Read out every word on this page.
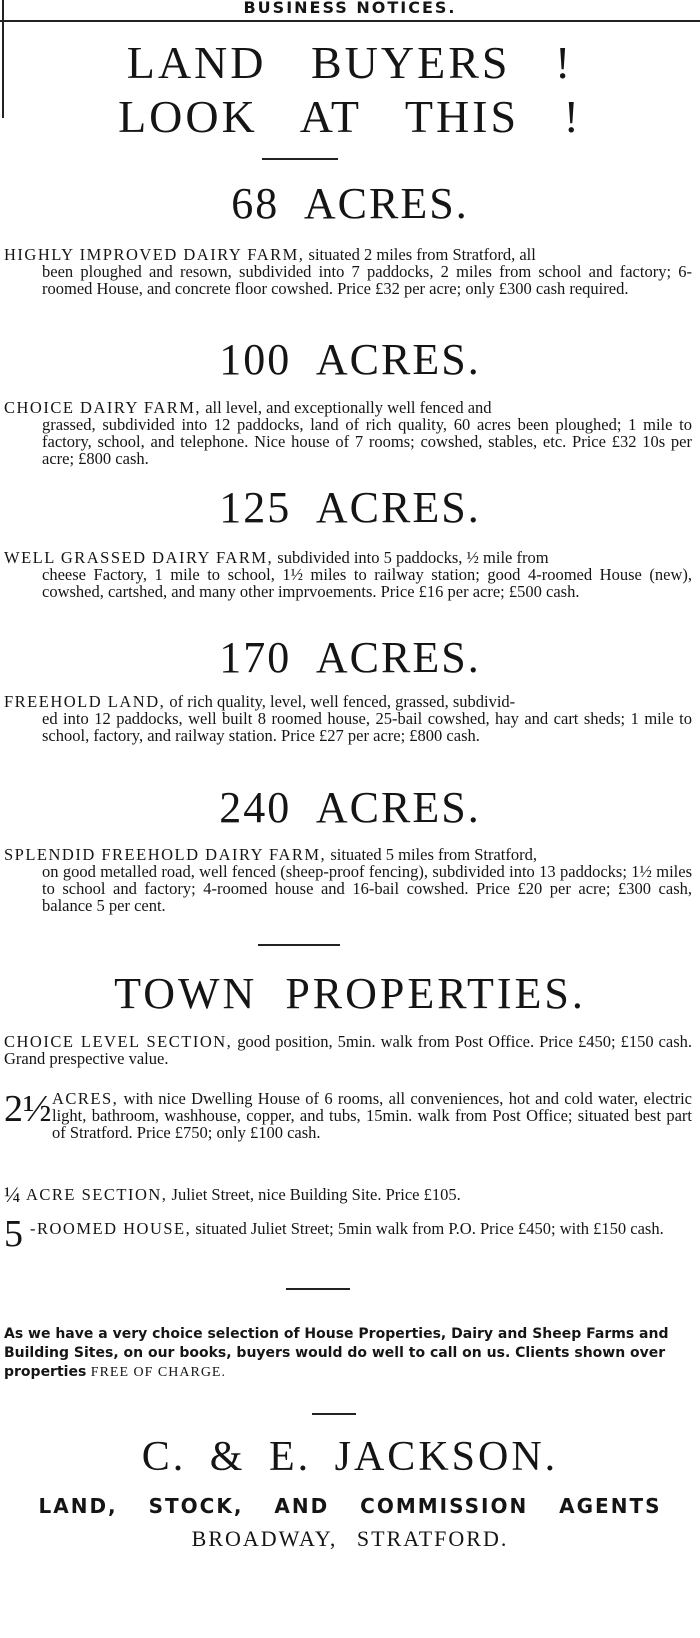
BUSINESS NOTICES.
LAND BUYERS !
LOOK AT THIS !
68 ACRES.
HIGHLY IMPROVED DAIRY FARM, situated 2 miles from Stratford, all
been ploughed and resown, subdivided into 7 paddocks, 2 miles from school and factory; 6-roomed House, and concrete floor cowshed. Price £32 per acre; only £300 cash required.
100 ACRES.
CHOICE DAIRY FARM, all level, and exceptionally well fenced and
grassed, subdivided into 12 paddocks, land of rich quality, 60 acres been ploughed; 1 mile to factory, school, and telephone. Nice house of 7 rooms; cowshed, stables, etc. Price £32 10s per acre; £800 cash.
125 ACRES.
WELL GRASSED DAIRY FARM, subdivided into 5 paddocks, ½ mile from
cheese Factory, 1 mile to school, 1½ miles to railway station; good 4-roomed House (new), cowshed, cartshed, and many other imprvoements. Price £16 per acre; £500 cash.
170 ACRES.
FREEHOLD LAND, of rich quality, level, well fenced, grassed, subdivid-
ed into 12 paddocks, well built 8 roomed house, 25-bail cowshed, hay and cart sheds; 1 mile to school, factory, and railway station. Price £27 per acre; £800 cash.
240 ACRES.
SPLENDID FREEHOLD DAIRY FARM, situated 5 miles from Stratford,
on good metalled road, well fenced (sheep-proof fencing), subdivided into 13 paddocks; 1½ miles to school and factory; 4-roomed house and 16-bail cowshed. Price £20 per acre; £300 cash, balance 5 per cent.
TOWN PROPERTIES.
CHOICE LEVEL SECTION, good position, 5min. walk from Post Office. Price £450; £150 cash. Grand prespective value.
2½ ACRES, with nice Dwelling House of 6 rooms, all conveniences, hot and cold water, electric light, bathroom, washhouse, copper, and tubs, 15min. walk from Post Office; situated best part of Stratford. Price £750; only £100 cash.
¼ ACRE SECTION, Juliet Street, nice Building Site. Price £105.
5 -ROOMED HOUSE, situated Juliet Street; 5min walk from P.O. Price £450; with £150 cash.
As we have a very choice selection of House Properties, Dairy and Sheep Farms and Building Sites, on our books, buyers would do well to call on us. Clients shown over properties FREE OF CHARGE.
C. & E. JACKSON.
LAND, STOCK, AND COMMISSION AGENTS
BROADWAY, STRATFORD.
